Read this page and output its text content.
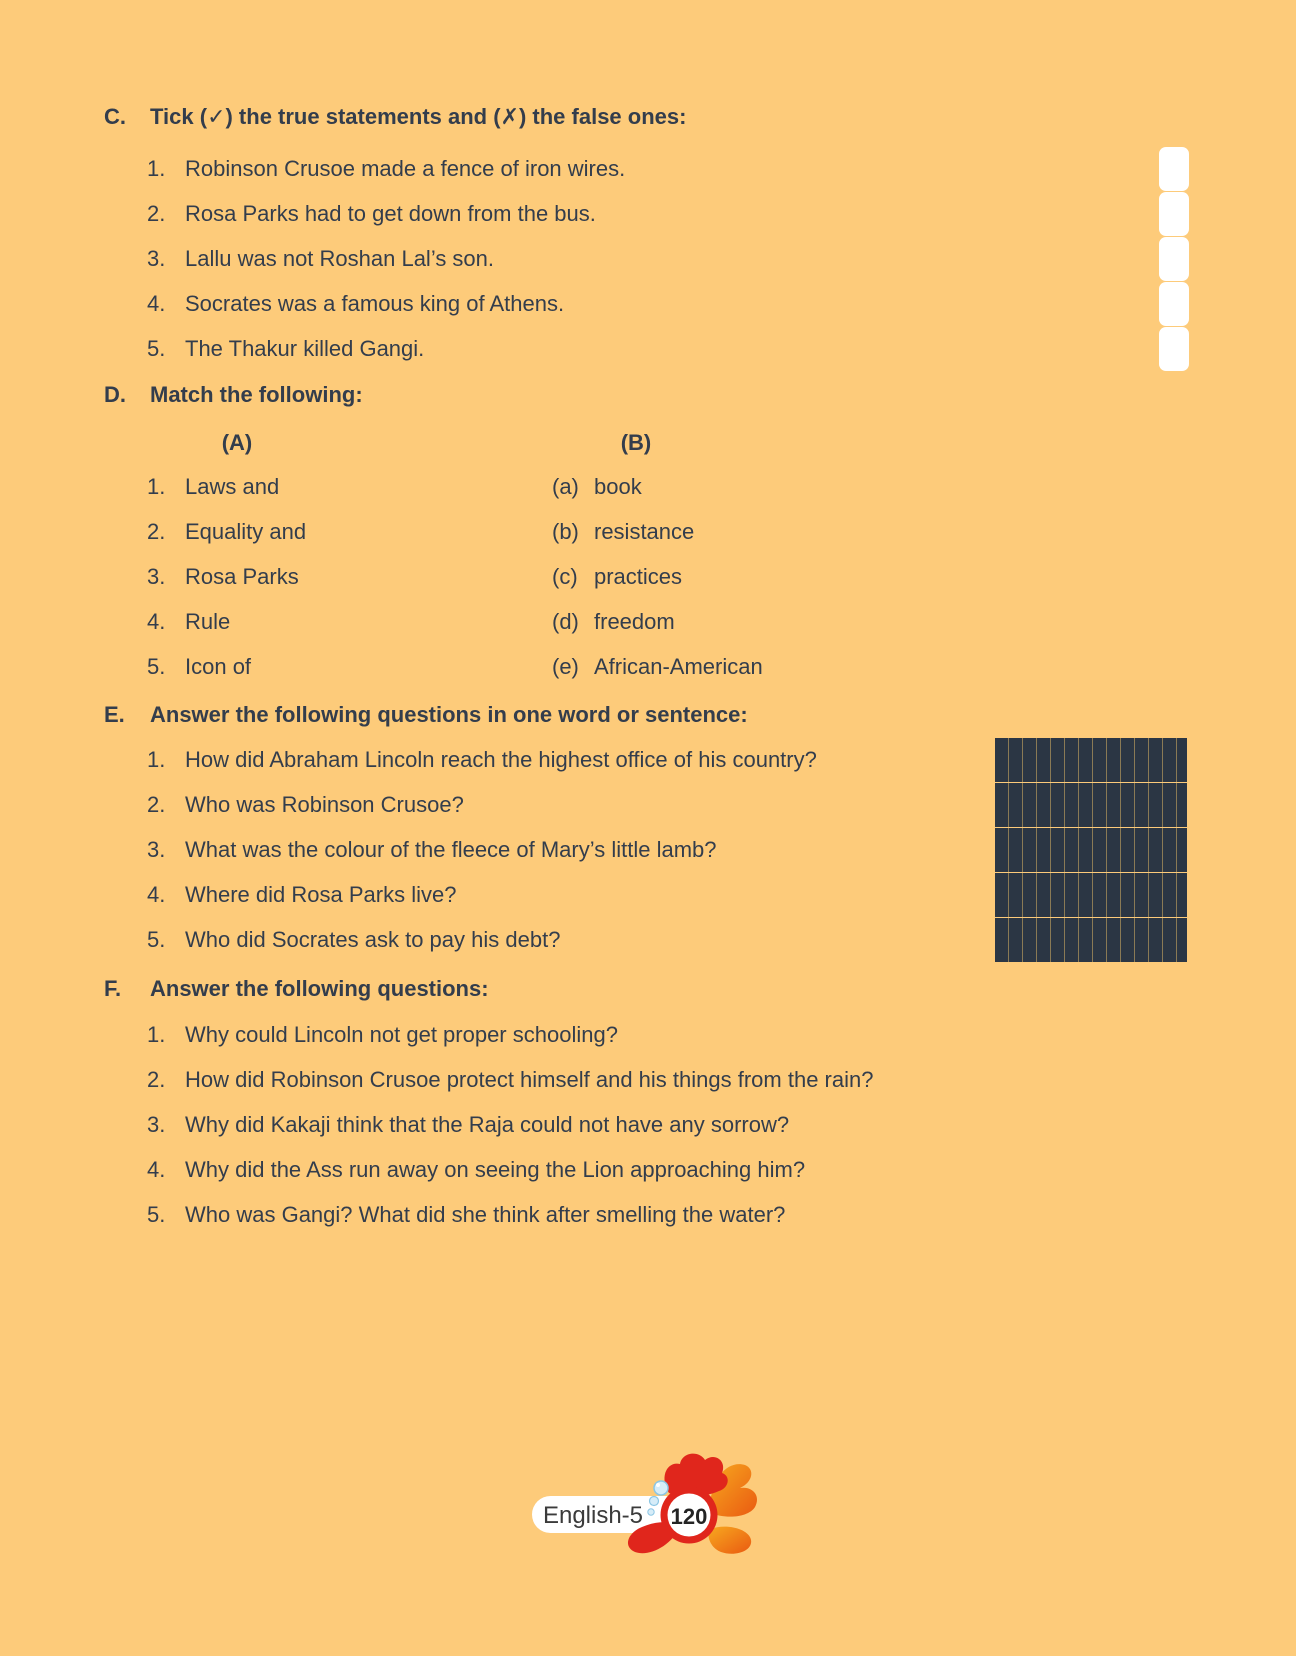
C. Tick (✓) the true statements and (✗) the false ones:
1. Robinson Crusoe made a fence of iron wires.
2. Rosa Parks had to get down from the bus.
3. Lallu was not Roshan Lal’s son.
4. Socrates was a famous king of Athens.
5. The Thakur killed Gangi.
D. Match the following:
(A)	(B)
1. Laws and	(a) book
2. Equality and	(b) resistance
3. Rosa Parks	(c) practices
4. Rule	(d) freedom
5. Icon of	(e) African-American
E. Answer the following questions in one word or sentence:
1. How did Abraham Lincoln reach the highest office of his country?
2. Who was Robinson Crusoe?
3. What was the colour of the fleece of Mary’s little lamb?
4. Where did Rosa Parks live?
5. Who did Socrates ask to pay his debt?
F. Answer the following questions:
1. Why could Lincoln not get proper schooling?
2. How did Robinson Crusoe protect himself and his things from the rain?
3. Why did Kakaji think that the Raja could not have any sorrow?
4. Why did the Ass run away on seeing the Lion approaching him?
5. Who was Gangi? What did she think after smelling the water?
English-5 120
